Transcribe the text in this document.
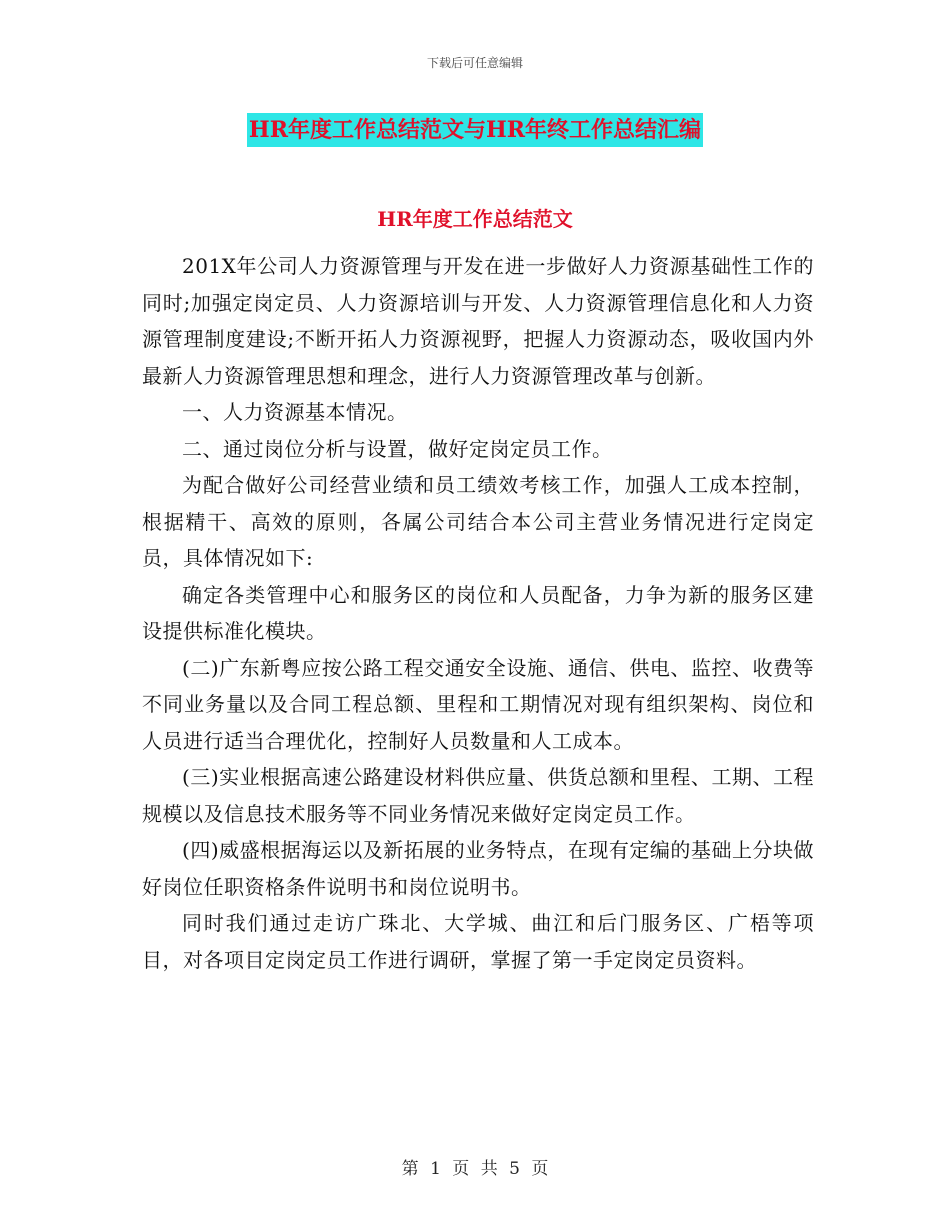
下载后可任意编辑
HR年度工作总结范文与HR年终工作总结汇编
HR年度工作总结范文

201X年公司人力资源管理与开发在进一步做好人力资源基础性工作的同时;加强定岗定员、人力资源培训与开发、人力资源管理信息化和人力资源管理制度建设;不断开拓人力资源视野，把握人力资源动态，吸收国内外最新人力资源管理思想和理念，进行人力资源管理改革与创新。

一、人力资源基本情况。

二、通过岗位分析与设置，做好定岗定员工作。

为配合做好公司经营业绩和员工绩效考核工作，加强人工成本控制，根据精干、高效的原则，各属公司结合本公司主营业务情况进行定岗定员，具体情况如下:

确定各类管理中心和服务区的岗位和人员配备，力争为新的服务区建设提供标准化模块。

(二)广东新粤应按公路工程交通安全设施、通信、供电、监控、收费等不同业务量以及合同工程总额、里程和工期情况对现有组织架构、岗位和人员进行适当合理优化，控制好人员数量和人工成本。

(三)实业根据高速公路建设材料供应量、供货总额和里程、工期、工程规模以及信息技术服务等不同业务情况来做好定岗定员工作。

(四)威盛根据海运以及新拓展的业务特点，在现有定编的基础上分块做好岗位任职资格条件说明书和岗位说明书。

同时我们通过走访广珠北、大学城、曲江和后门服务区、广梧等项目，对各项目定岗定员工作进行调研，掌握了第一手定岗定员资料。

第 1 页 共 5 页
